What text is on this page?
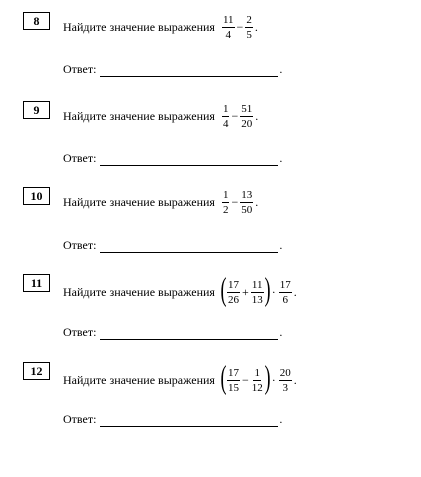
8	Найдите значение выражения $\frac{11}{4} - \frac{2}{5}$ .
Ответ:	.
9	Найдите значение выражения $\frac{1}{4} - \frac{51}{20}$ .
Ответ:	.
10	Найдите значение выражения $\frac{1}{2} - \frac{13}{50}$ .
Ответ:	.
11
Найдите значение выражения ( $\frac{17}{26} + \frac{11}{13}$ ) · $\frac{17}{6}$ .
Ответ:	.
12
Найдите значение выражения ( $\frac{17}{15} - \frac{1}{12}$ ) · $\frac{20}{3}$ .
Ответ:	.
